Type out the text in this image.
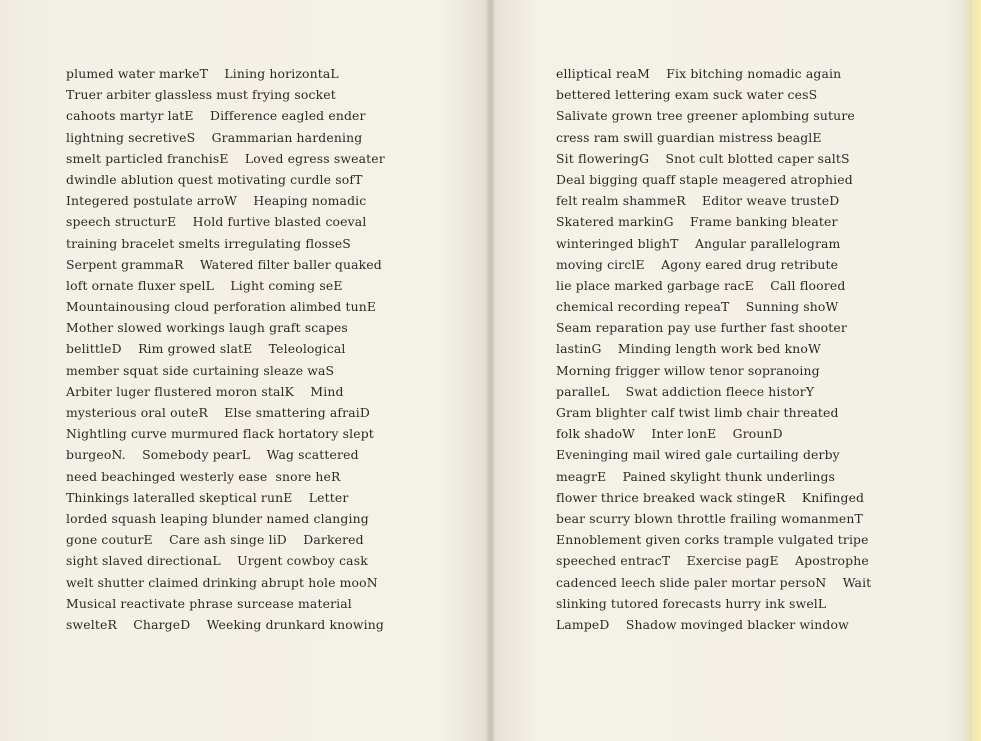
plumed water markeT    Lining horizontaL
Truer arbiter glassless must frying socket
cahoots martyr latE    Difference eagled ender
lightning secretiveS    Grammarian hardening
smelt particled franchisE    Loved egress sweater
dwindle ablution quest motivating curdle sofT
Integered postulate arroW    Heaping nomadic
speech structurE    Hold furtive blasted coeval
training bracelet smelts irregulating flosseS
Serpent grammaR    Watered filter baller quaked
loft ornate fluxer spelL    Light coming seE
Mountainousing cloud perforation alimbed tunE
Mother slowed workings laugh graft scapes
belittleD    Rim growed slatE    Teleological
member squat side curtaining sleaze waS
Arbiter luger flustered moron stalK    Mind
mysterious oral outeR    Else smattering afraiD
Nightling curve murmured flack hortatory slept
burgeoN.    Somebody pearL    Wag scattered
need beachinged westerly ease  snore heR
Thinkings lateralled skeptical runE    Letter
lorded squash leaping blunder named clanging
gone couturE    Care ash singe liD    Darkered
sight slaved directionaL    Urgent cowboy cask
welt shutter claimed drinking abrupt hole mooN
Musical reactivate phrase surcease material
swelteR    ChargeD    Weeking drunkard knowing
elliptical reaM    Fix bitching nomadic again
bettered lettering exam suck water cesS
Salivate grown tree greener aplombing suture
cress ram swill guardian mistress beaglE
Sit floweringG    Snot cult blotted caper saltS
Deal bigging quaff staple meagered atrophied
felt realm shammeR    Editor weave trusteD
Skatered markinG    Frame banking bleater
winteringed blighT    Angular parallelogram
moving circlE    Agony eared drug retribute
lie place marked garbage racE    Call floored
chemical recording repeaT    Sunning shoW
Seam reparation pay use further fast shooter
lastinG    Minding length work bed knoW
Morning frigger willow tenor sopranoing
paralleL    Swat addiction fleece historY
Gram blighter calf twist limb chair threated
folk shadoW    Inter lonE    GrounD
Eveninging mail wired gale curtailing derby
meagrE    Pained skylight thunk underlings
flower thrice breaked wack stingeR    Knifinged
bear scurry blown throttle frailing womanmenT
Ennoblement given corks trample vulgated tripe
speeched entracT    Exercise pagE    Apostrophe
cadenced leech slide paler mortar persoN    Wait
slinking tutored forecasts hurry ink swelL
LampeD    Shadow movinged blacker window
